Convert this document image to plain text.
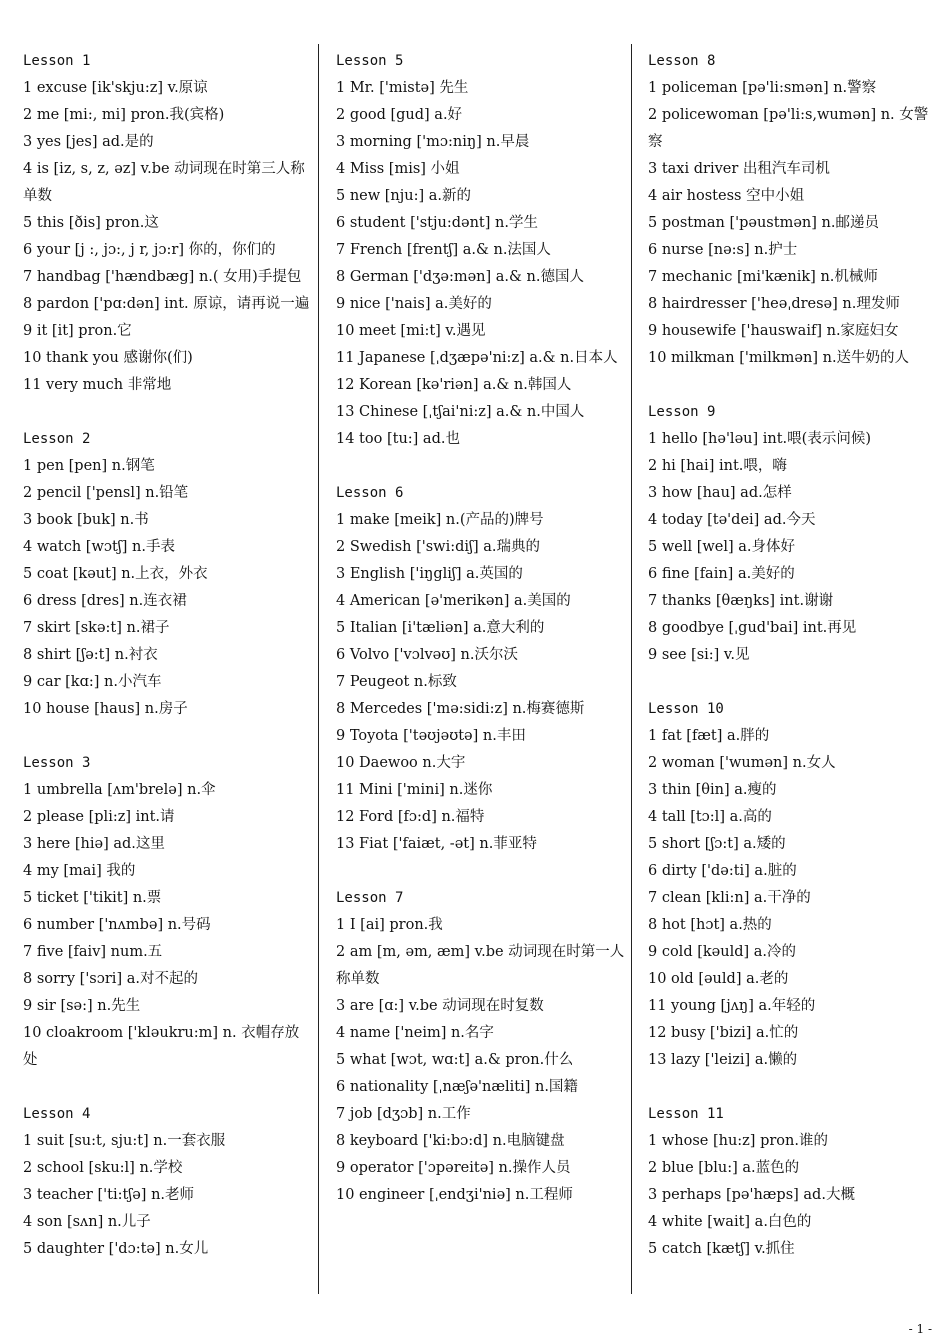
Lesson 1
1 excuse [ik'skju:z] v.原谅
2 me [mi:, mi] pron.我(宾格)
3 yes [jes] ad.是的
4 is [iz, s, z, əz] v.be 动词现在时第三人称单数
5 this [ðis] pron.这
6 your [j :, jɔ:, j r, jɔ:r] 你的，你们的
7 handbag ['hændbæg] n.( 女用)手提包
8 pardon ['pɑ:dən] int. 原谅，请再说一遍
9 it [it] pron.它
10 thank you 感谢你(们)
11 very much 非常地
Lesson 2
1 pen [pen] n.钢笔
2 pencil ['pensl] n.铅笔
3 book [buk] n.书
4 watch [wɔtʃ] n.手表
5 coat [kəut] n.上衣，外衣
6 dress [dres] n.连衣裙
7 skirt [skə:t] n.裙子
8 shirt [ʃə:t] n.衬衣
9 car [kɑ:] n.小汽车
10 house [haus] n.房子
Lesson 3
1 umbrella [ʌm'brelə] n.伞
2 please [pli:z] int.请
3 here [hiə] ad.这里
4 my [mai] 我的
5 ticket ['tikit] n.票
6 number ['nʌmbə] n.号码
7 five [faiv] num.五
8 sorry ['sɔri] a.对不起的
9 sir [sə:] n.先生
10 cloakroom ['kləukru:m] n. 衣帽存放处
Lesson 4
1 suit [su:t, sju:t] n.一套衣服
2 school [sku:l] n.学校
3 teacher ['ti:tʃə] n.老师
4 son [sʌn] n.儿子
5 daughter ['dɔ:tə] n.女儿
Lesson 5
1 Mr. ['mistə] 先生
2 good [gud] a.好
3 morning ['mɔ:niŋ] n.早晨
4 Miss [mis] 小姐
5 new [nju:] a.新的
6 student ['stju:dənt] n.学生
7 French [frentʃ] a.& n.法国人
8 German ['dʒə:mən] a.& n.德国人
9 nice ['nais] a.美好的
10 meet [mi:t] v.遇见
11 Japanese [ˌdʒæpə'ni:z] a.& n.日本人
12 Korean [kə'riən] a.& n.韩国人
13 Chinese [ˌtʃai'ni:z] a.& n.中国人
14 too [tu:] ad.也
Lesson 6
1 make [meik] n.(产品的)牌号
2 Swedish ['swi:diʃ] a.瑞典的
3 English ['iŋgliʃ] a.英国的
4 American [ə'merikən] a.美国的
5 Italian [i'tæliən] a.意大利的
6 Volvo ['vɔlvəʊ] n.沃尔沃
7 Peugeot n.标致
8 Mercedes ['mə:sidi:z] n.梅赛德斯
9 Toyota ['təʊjəʊtə] n.丰田
10 Daewoo n.大宇
11 Mini ['mini] n.迷你
12 Ford [fɔ:d] n.福特
13 Fiat ['faiæt, -ət] n.菲亚特
Lesson 7
1 I [ai] pron.我
2 am [m, əm, æm] v.be 动词现在时第一人称单数
3 are [ɑ:] v.be 动词现在时复数
4 name ['neim] n.名字
5 what [wɔt, wɑ:t] a.& pron.什么
6 nationality [ˌnæʃə'næliti] n.国籍
7 job [dʒɔb] n.工作
8 keyboard ['ki:bɔ:d] n.电脑键盘
9 operator ['ɔpəreitə] n.操作人员
10 engineer [ˌendʒi'niə] n.工程师
Lesson 8
1 policeman [pə'li:smən] n.警察
2 policewoman [pə'li:s,wumən] n. 女警察
3 taxi driver 出租汽车司机
4 air hostess 空中小姐
5 postman ['pəustmən] n.邮递员
6 nurse [nə:s] n.护士
7 mechanic [mi'kænik] n.机械师
8 hairdresser ['heəˌdresə] n.理发师
9 housewife ['hauswaif] n.家庭妇女
10 milkman ['milkmən] n.送牛奶的人
Lesson 9
1 hello [hə'ləu] int.喂(表示问候)
2 hi [hai] int.喂，嗨
3 how [hau] ad.怎样
4 today [tə'dei] ad.今天
5 well [wel] a.身体好
6 fine [fain] a.美好的
7 thanks [θæŋks] int.谢谢
8 goodbye [ˌgud'bai] int.再见
9 see [si:] v.见
Lesson 10
1 fat [fæt] a.胖的
2 woman ['wumən] n.女人
3 thin [θin] a.瘦的
4 tall [tɔ:l] a.高的
5 short [ʃɔ:t] a.矮的
6 dirty ['də:ti] a.脏的
7 clean [kli:n] a.干净的
8 hot [hɔt] a.热的
9 cold [kəuld] a.冷的
10 old [əuld] a.老的
11 young [jʌŋ] a.年轻的
12 busy ['bizi] a.忙的
13 lazy ['leizi] a.懒的
Lesson 11
1 whose [hu:z] pron.谁的
2 blue [blu:] a.蓝色的
3 perhaps [pə'hæps] ad.大概
4 white [wait] a.白色的
5 catch [kætʃ] v.抓住
- 1 -
